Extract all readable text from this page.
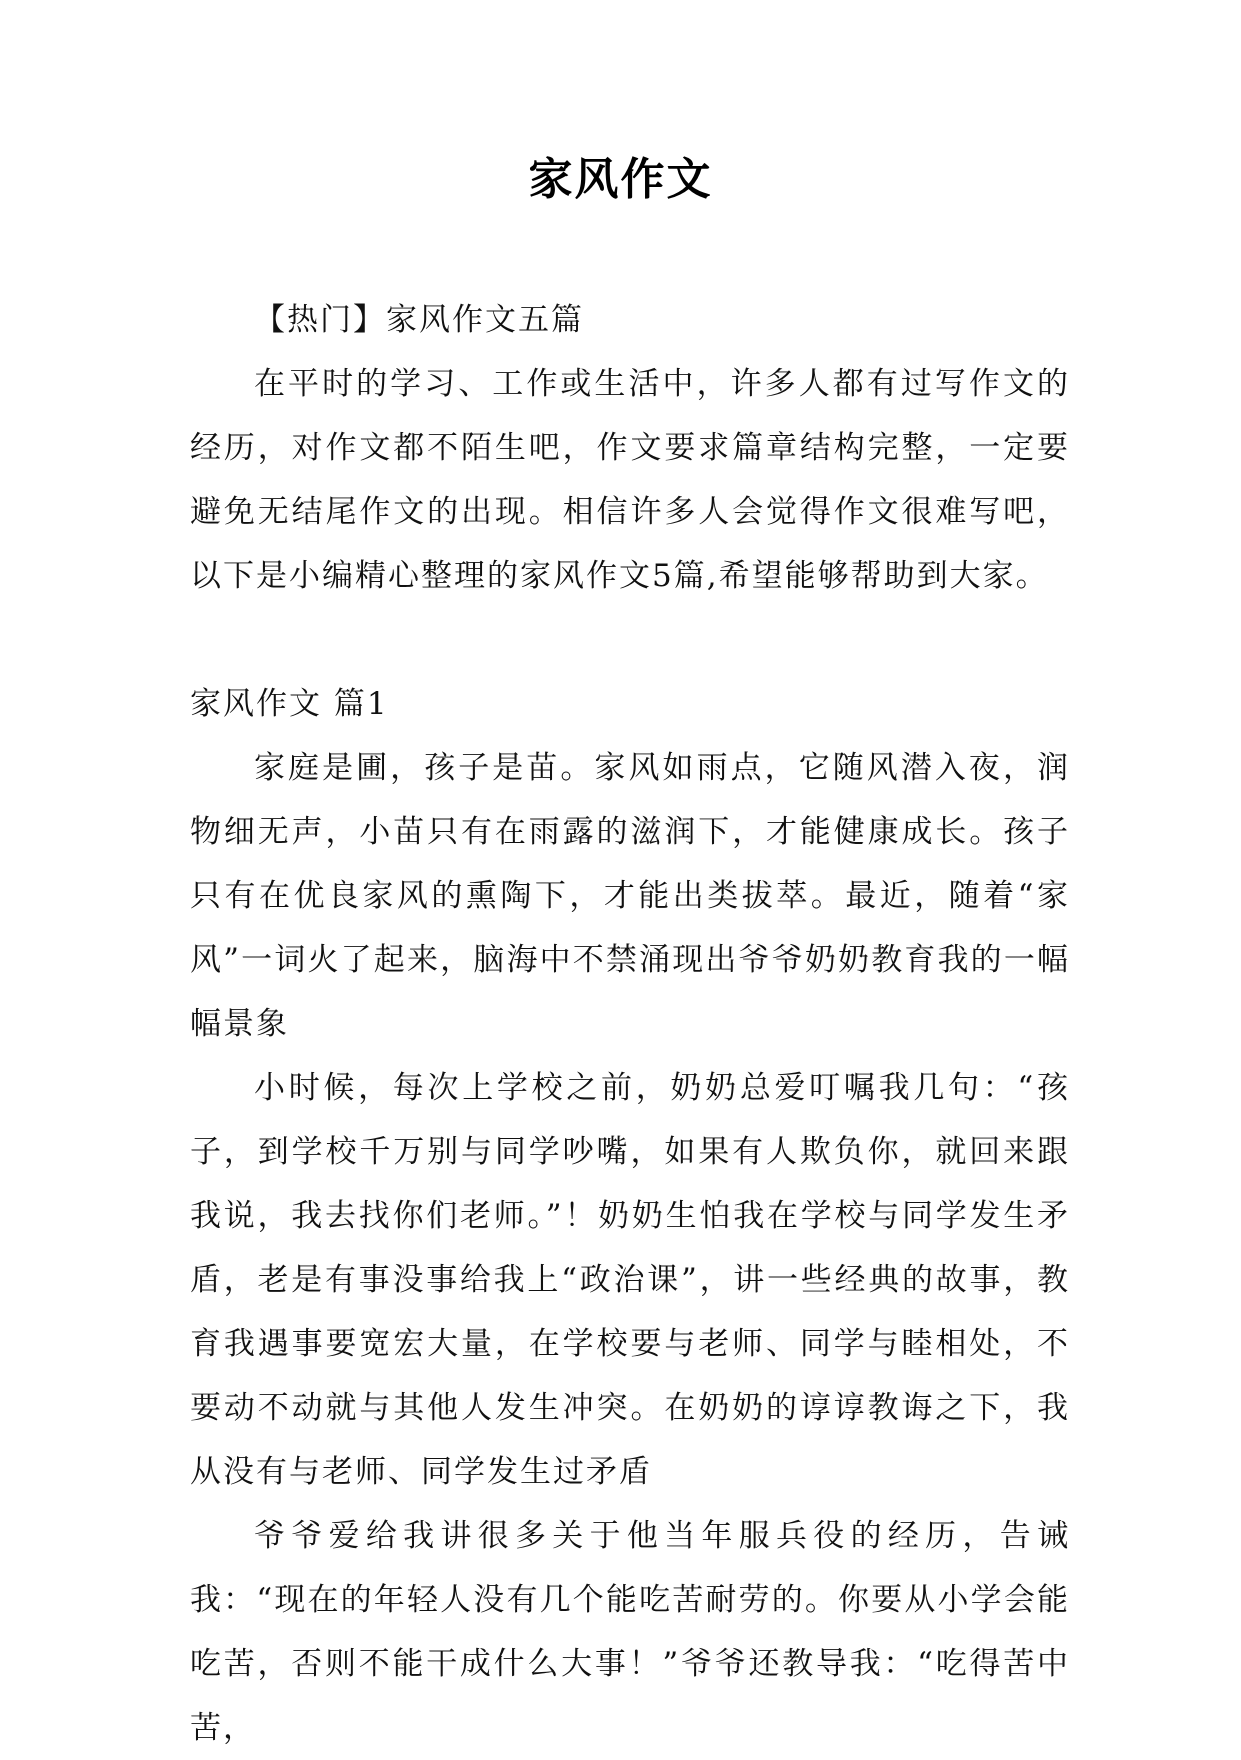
家风作文

【热门】家风作文五篇

在平时的学习、工作或生活中，许多人都有过写作文的经历，对作文都不陌生吧，作文要求篇章结构完整，一定要避免无结尾作文的出现。相信许多人会觉得作文很难写吧，以下是小编精心整理的家风作文5篇,希望能够帮助到大家。

家风作文 篇1

家庭是圃，孩子是苗。家风如雨点，它随风潜入夜，润物细无声，小苗只有在雨露的滋润下，才能健康成长。孩子只有在优良家风的熏陶下，才能出类拔萃。最近，随着“家风”一词火了起来，脑海中不禁涌现出爷爷奶奶教育我的一幅幅景象

小时候，每次上学校之前，奶奶总爱叮嘱我几句：“孩子，到学校千万别与同学吵嘴，如果有人欺负你，就回来跟我说，我去找你们老师。”！奶奶生怕我在学校与同学发生矛盾，老是有事没事给我上“政治课”，讲一些经典的故事，教育我遇事要宽宏大量，在学校要与老师、同学与睦相处，不要动不动就与其他人发生冲突。在奶奶的谆谆教诲之下，我从没有与老师、同学发生过矛盾

爷爷爱给我讲很多关于他当年服兵役的经历，告诫我：“现在的年轻人没有几个能吃苦耐劳的。你要从小学会能吃苦，否则不能干成什么大事！”爷爷还教导我：“吃得苦中苦，
